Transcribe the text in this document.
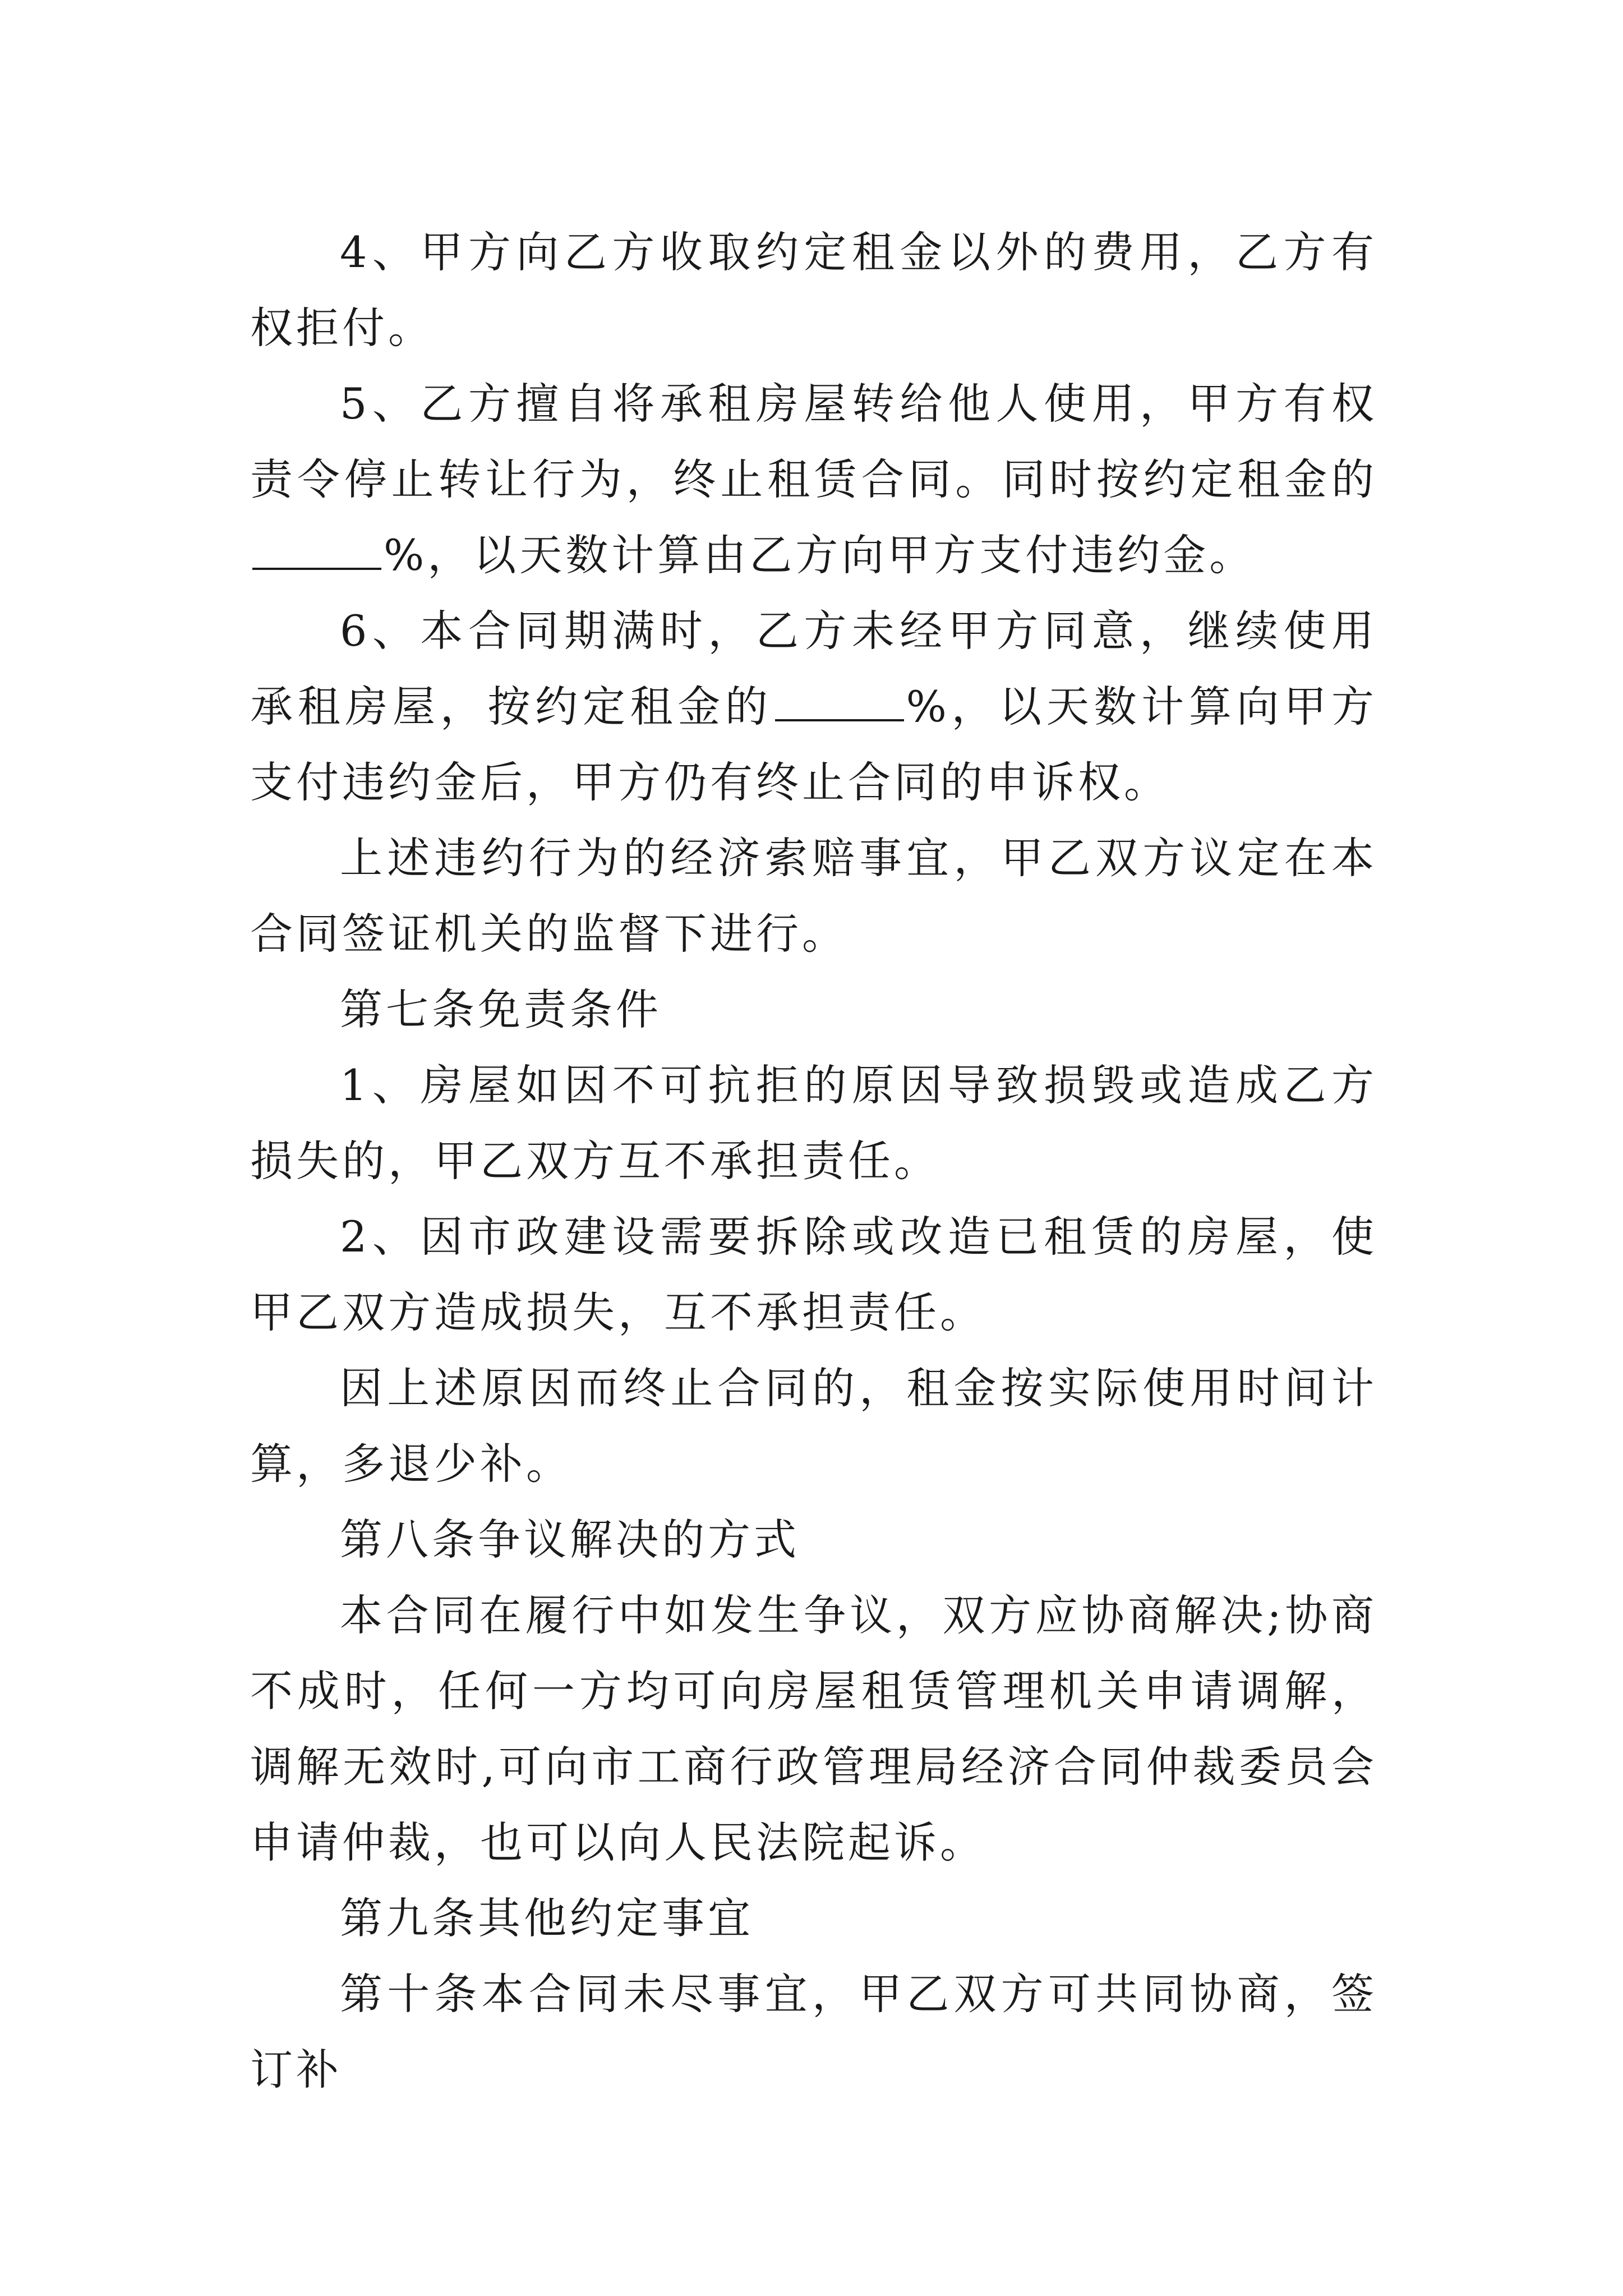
4、甲方向乙方收取约定租金以外的费用，乙方有权拒付。

5、乙方擅自将承租房屋转给他人使用，甲方有权责令停止转让行为，终止租赁合同。同时按约定租金的%，以天数计算由乙方向甲方支付违约金。

6、本合同期满时，乙方未经甲方同意，继续使用承租房屋，按约定租金的	%，以天数计算向甲方支付违约金后，甲方仍有终止合同的申诉权。

上述违约行为的经济索赔事宜，甲乙双方议定在本合同签证机关的监督下进行。

第七条免责条件

1、房屋如因不可抗拒的原因导致损毁或造成乙方损失的，甲乙双方互不承担责任。

2、因市政建设需要拆除或改造已租赁的房屋，使甲乙双方造成损失，互不承担责任。

因上述原因而终止合同的，租金按实际使用时间计算，多退少补。

第八条争议解决的方式

本合同在履行中如发生争议，双方应协商解决;协商不成时，任何一方均可向房屋租赁管理机关申请调解，调解无效时,可向市工商行政管理局经济合同仲裁委员会申请仲裁，也可以向人民法院起诉。

第九条其他约定事宜

第十条本合同未尽事宜，甲乙双方可共同协商，签订补
